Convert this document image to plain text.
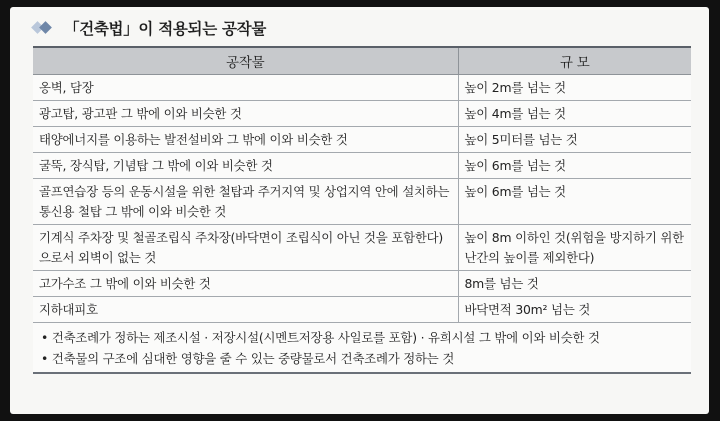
「건축법」이 적용되는 공작물
공작물	규 모
옹벽, 담장	높이 2m를 넘는 것
광고탑, 광고판 그 밖에 이와 비슷한 것	높이 4m를 넘는 것
태양에너지를 이용하는 발전설비와 그 밖에 이와 비슷한 것	높이 5미터를 넘는 것
굴뚝, 장식탑, 기념탑 그 밖에 이와 비슷한 것	높이 6m를 넘는 것
골프연습장 등의 운동시설을 위한 철탑과 주거지역 및 상업지역 안에 설치하는 통신용 철탑 그 밖에 이와 비슷한 것	높이 6m를 넘는 것
기계식 주차장 및 철골조립식 주차장(바닥면이 조립식이 아닌 것을 포함한다)으로서 외벽이 없는 것	높이 8m 이하인 것(위험을 방지하기 위한 난간의 높이를 제외한다)
고가수조 그 밖에 이와 비슷한 것	8m를 넘는 것
지하대피호	바닥면적 30m² 넘는 것

• 건축조례가 정하는 제조시설 · 저장시설(시멘트저장용 사일로를 포함) · 유희시설 그 밖에 이와 비슷한 것
• 건축물의 구조에 심대한 영향을 줄 수 있는 중량물로서 건축조례가 정하는 것	
